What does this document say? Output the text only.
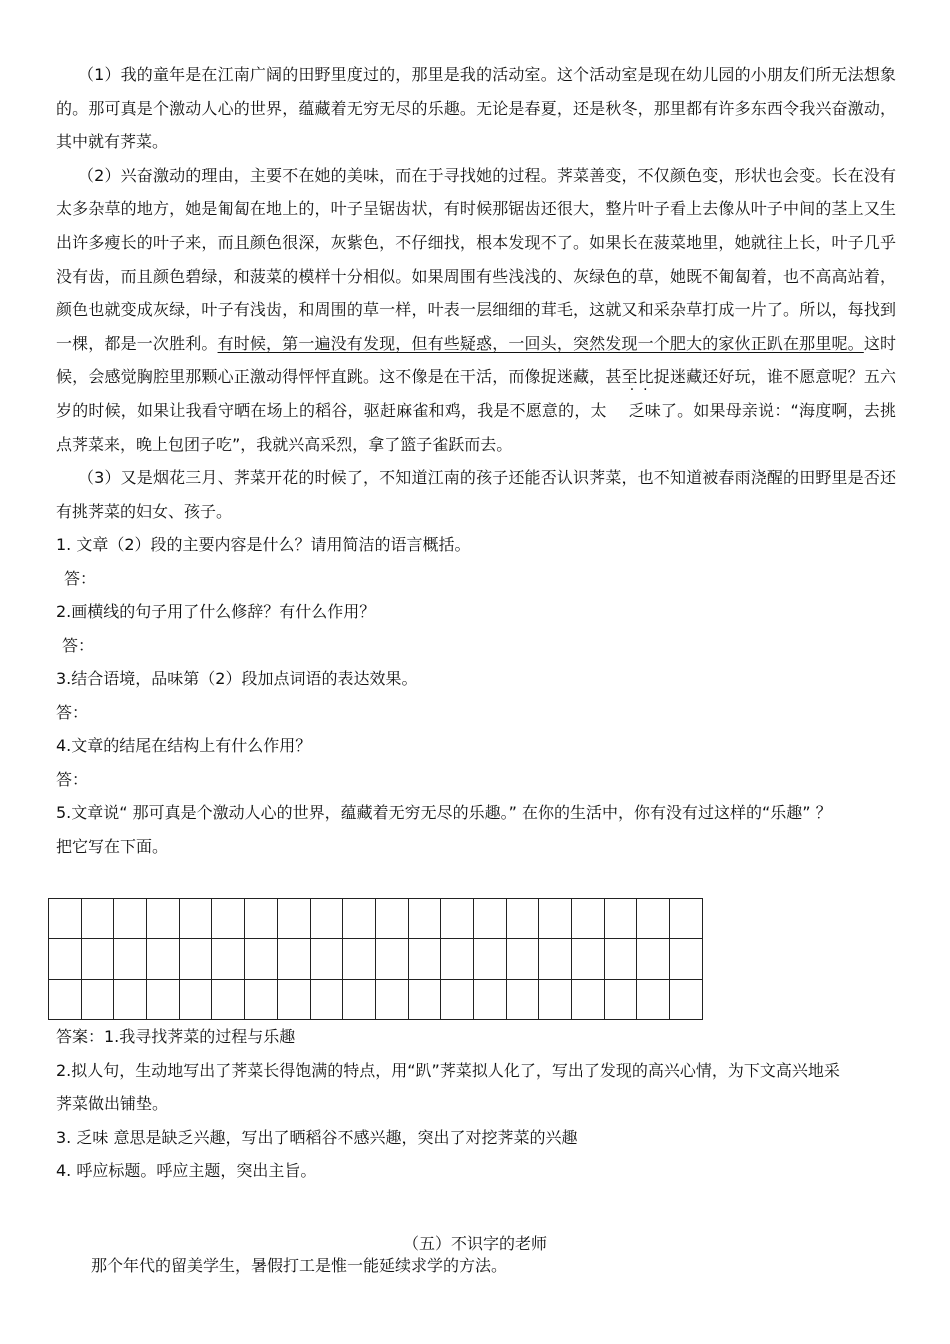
（1）我的童年是在江南广阔的田野里度过的，那里是我的活动室。这个活动室是现在幼儿园的小朋友们所无法想象的。那可真是个激动人心的世界，蕴藏着无穷无尽的乐趣。无论是春夏，还是秋冬，那里都有许多东西令我兴奋激动，其中就有荠菜。

（2）兴奋激动的理由，主要不在她的美味，而在于寻找她的过程。荠菜善变，不仅颜色变，形状也会变。长在没有太多杂草的地方，她是匍匐在地上的，叶子呈锯齿状，有时候那锯齿还很大，整片叶子看上去像从叶子中间的茎上又生出许多瘦长的叶子来，而且颜色很深，灰紫色，不仔细找，根本发现不了。如果长在菠菜地里，她就往上长，叶子几乎没有齿，而且颜色碧绿，和菠菜的模样十分相似。如果周围有些浅浅的、灰绿色的草，她既不匍匐着，也不高高站着，颜色也就变成灰绿，叶子有浅齿，和周围的草一样，叶表一层细细的茸毛，这就又和采杂草打成一片了。所以，每找到一棵，都是一次胜利。有时候，第一遍没有发现，但有些疑惑，一回头，突然发现一个肥大的家伙正趴在那里呢。这时候，会感觉胸腔里那颗心正激动得怦怦直跳。这不像是在干活，而像捉迷藏，甚至比捉迷藏还好玩，谁不愿意呢？五六岁的时候，如果让我看守晒在场上的稻谷，驱赶麻雀和鸡，我是不愿意的，太· · 乏味了。如果母亲说：“海度啊，去挑点荠菜来，晚上包团子吃”，我就兴高采烈，拿了篮子雀跃而去。

（3）又是烟花三月、荠菜开花的时候了，不知道江南的孩子还能否认识荠菜，也不知道被春雨浇醒的田野里是否还有挑荠菜的妇女、孩子。

1. 文章（2）段的主要内容是什么？请用简洁的语言概括。

答：

2.画横线的句子用了什么修辞？有什么作用？

答：

3.结合语境，品味第（2）段加点词语的表达效果。

答：

4.文章的结尾在结构上有什么作用？

答：

5.文章说“ 那可真是个激动人心的世界，蕴藏着无穷无尽的乐趣。” 在你的生活中，你有没有过这样的“乐趣” ？

把它写在下面。

答案：1.我寻找荠菜的过程与乐趣

2.拟人句，生动地写出了荠菜长得饱满的特点，用“趴”荠菜拟人化了，写出了发现的高兴心情，为下文高兴地采

荠菜做出铺垫。

3. 乏味 意思是缺乏兴趣，写出了晒稻谷不感兴趣，突出了对挖荠菜的兴趣

4. 呼应标题。呼应主题，突出主旨。

（五）不识字的老师
那个年代的留美学生，暑假打工是惟一能延续求学的方法。
